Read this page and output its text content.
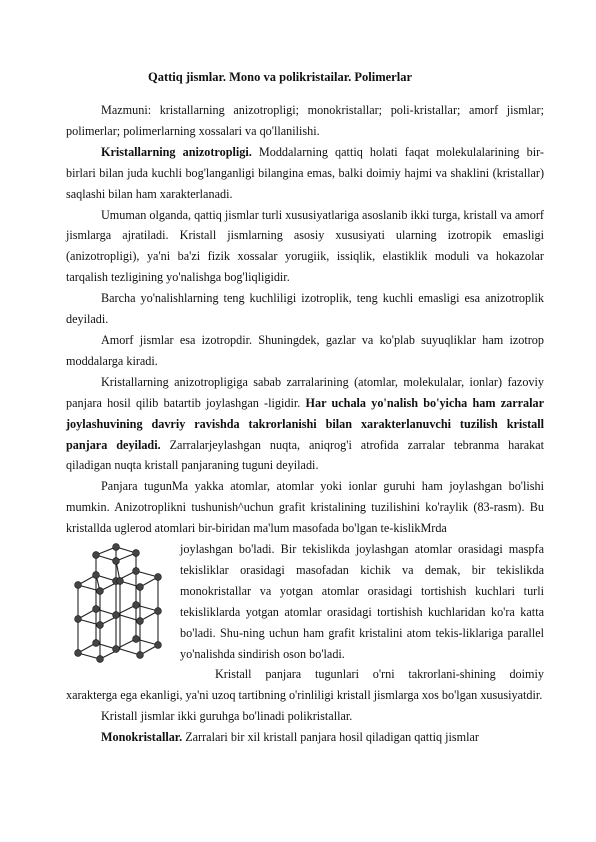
Qattiq jismlar. Mono va polikristailar. Polimerlar

Mazmuni: kristallarning anizotropligi; monokristallar; poli-kristallar; amorf jismlar; polimerlar; polimerlarning xossalari va qo'llanilishi.

Kristallarning anizotropligi. Moddalarning qattiq holati faqat molekulalarining bir-birlari bilan juda kuchli bog'langanligi bilangina emas, balki doimiy hajmi va shaklini (kristallar) saqlashi bilan ham xarakterlanadi.

Umuman olganda, qattiq jismlar turli xususiyatlariga asoslanib ikki turga, kristall va amorf jismlarga ajratiladi. Kristall jismlarning asosiy xususiyati ularning izotropik emasligi (anizotropligi), ya'ni ba'zi fizik xossalar yorugiik, issiqlik, elastiklik moduli va hokazolar tarqalish tezligining yo'nalishga bog'liqligidir.

Barcha yo'nalishlarning teng kuchliligi izotroplik, teng kuchli emasligi esa anizotroplik deyiladi.

Amorf jismlar esa izotropdir. Shuningdek, gazlar va ko'plab suyuqliklar ham izotrop moddalarga kiradi.

Kristallarning anizotropligiga sabab zarralarining (atomlar, molekulalar, ionlar) fazoviy panjara hosil qilib batartib joylashgan -ligidir. Har uchala yo'nalish bo'yicha ham zarralar joylashuvining davriy ravishda takrorlanishi bilan xarakterlanuvchi tuzilish kristall panjara deyiladi. Zarralarjeylashgan nuqta, aniqrog'i atrofida zarralar tebranma harakat qiladigan nuqta kristall panjaraning tuguni deyiladi.

Panjara tugunMa yakka atomlar, atomlar yoki ionlar guruhi ham joylashgan bo'lishi mumkin. Anizotroplikni tushunish^uchun grafit kristalining tuzilishini ko'raylik (83-rasm). Bu kristallda uglerod atomlari bir-biridan ma'lum masofada bo'lgan te-kislikMrda

joylashgan bo'ladi. Bir tekislikda joylashgan atomlar orasidagi maspfa tekisliklar orasidagi masofadan kichik va demak, bir tekislikda monokristallar va yotgan atomlar orasidagi tortishish kuchlari turli tekisliklarda yotgan atomlar orasidagi tortishish kuchlaridan ko'ra katta bo'ladi. Shu-ning uchun ham grafit kristalini atom tekis-liklariga parallel yo'nalishda sindirish oson bo'ladi.

Kristall panjara tugunlari o'rni takrorlani-shining doimiy xarakterga ega ekanligi, ya'ni uzoq tartibning o'rinliligi kristall jismlarga xos bo'lgan xususiyatdir.

Kristall jismlar ikki guruhga bo'linadi polikristallar.

Monokristallar. Zarralari bir xil kristall panjara hosil qiladigan qattiq jismlar
